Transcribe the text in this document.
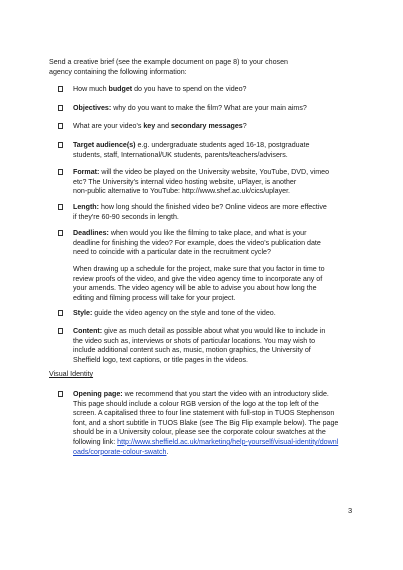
Send a creative brief (see the example document on page 8) to your chosen
agency containing the following information:
How much budget do you have to spend on the video?
Objectives: why do you want to make the film? What are your main aims?
What are your video's key and secondary messages?
Target audience(s) e.g. undergraduate students aged 16-18, postgraduate
students, staff, International/UK students, parents/teachers/advisers.
Format: will the video be played on the University website, YouTube, DVD, vimeo
etc? The University's internal video hosting website, uPlayer, is another
non-public alternative to YouTube: http://www.shef.ac.uk/cics/uplayer.
Length: how long should the finished video be? Online videos are more effective
if they're 60-90 seconds in length.
Deadlines: when would you like the filming to take place, and what is your
deadline for finishing the video? For example, does the video's publication date
need to coincide with a particular date in the recruitment cycle?
When drawing up a schedule for the project, make sure that you factor in time to
review proofs of the video, and give the video agency time to incorporate any of
your amends. The video agency will be able to advise you about how long the
editing and filming process will take for your project.
Style: guide the video agency on the style and tone of the video.
Content: give as much detail as possible about what you would like to include in
the video such as, interviews or shots of particular locations. You may wish to
include additional content such as, music, motion graphics, the University of
Sheffield logo, text captions, or title pages in the videos.
Visual Identity
Opening page: we recommend that you start the video with an introductory slide.
This page should include a colour RGB version of the logo at the top left of the
screen. A capitalised three to four line statement with full-stop in TUOS Stephenson
font, and a short subtitle in TUOS Blake (see The Big Flip example below). The page
should be in a University colour, please see the corporate colour swatches at the
following link: http://www.sheffield.ac.uk/marketing/help-yourself/visual-identity/downl
oads/corporate-colour-swatch.
3
